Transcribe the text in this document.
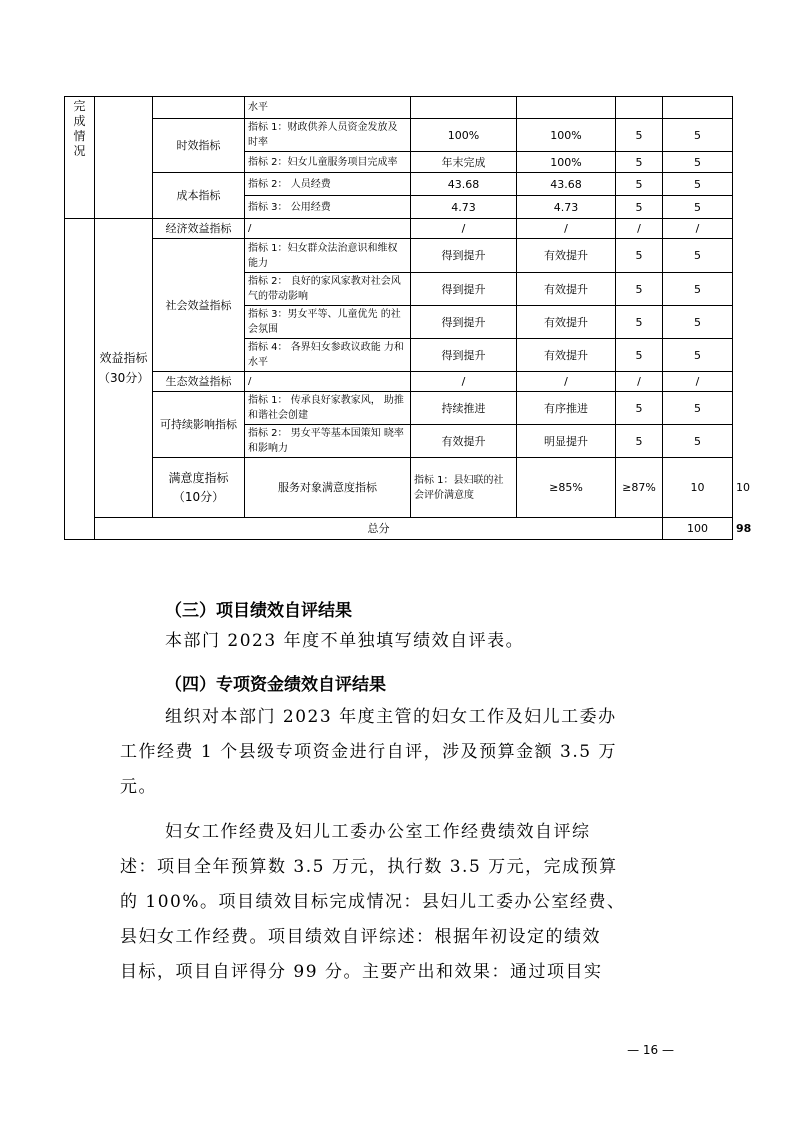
完成情况			水平					
		时效指标	指标 1：财政供养人员资金发放及时率	100%	100%	5	5	
			指标 2：妇女儿童服务项目完成率	年末完成	100%	5	5	
		成本指标	指标 2： 人员经费	43.68	43.68	5	5	
			指标 3： 公用经费	4.73	4.73	5	5	
	效益指标（30分）	经济效益指标	/	/	/	/	/	
		社会效益指标	指标 1：妇女群众法治意识和维权能力	得到提升	有效提升	5	5	
			指标 2： 良好的家风家教对社会风气的带动影响	得到提升	有效提升	5	5	
			指标 3：男女平等、儿童优先 的社会氛围	得到提升	有效提升	5	5	
			指标 4： 各界妇女参政议政能 力和水平	得到提升	有效提升	5	5	
		生态效益指标	/	/	/	/	/	
		可持续影响指标	指标 1： 传承良好家教家风， 助推和谐社会创建	持续推进	有序推进	5	5	
			指标 2： 男女平等基本国策知 晓率和影响力	有效提升	明显提升	5	5	
		满意度指标（10分）	服务对象满意度指标	指标 1：县妇联的社会评价满意度	≥85%	≥87%	10	10
	总分						100	98
（三）项目绩效自评结果
本部门 2023 年度不单独填写绩效自评表。
（四）专项资金绩效自评结果
组织对本部门 2023 年度主管的妇女工作及妇儿工委办
工作经费 1 个县级专项资金进行自评，涉及预算金额 3.5 万
元。
妇女工作经费及妇儿工委办公室工作经费绩效自评综
述：项目全年预算数 3.5 万元，执行数 3.5 万元，完成预算
的 100%。项目绩效目标完成情况：县妇儿工委办公室经费、
县妇女工作经费。项目绩效自评综述：根据年初设定的绩效
目标，项目自评得分 99 分。主要产出和效果：通过项目实
— 16 —
